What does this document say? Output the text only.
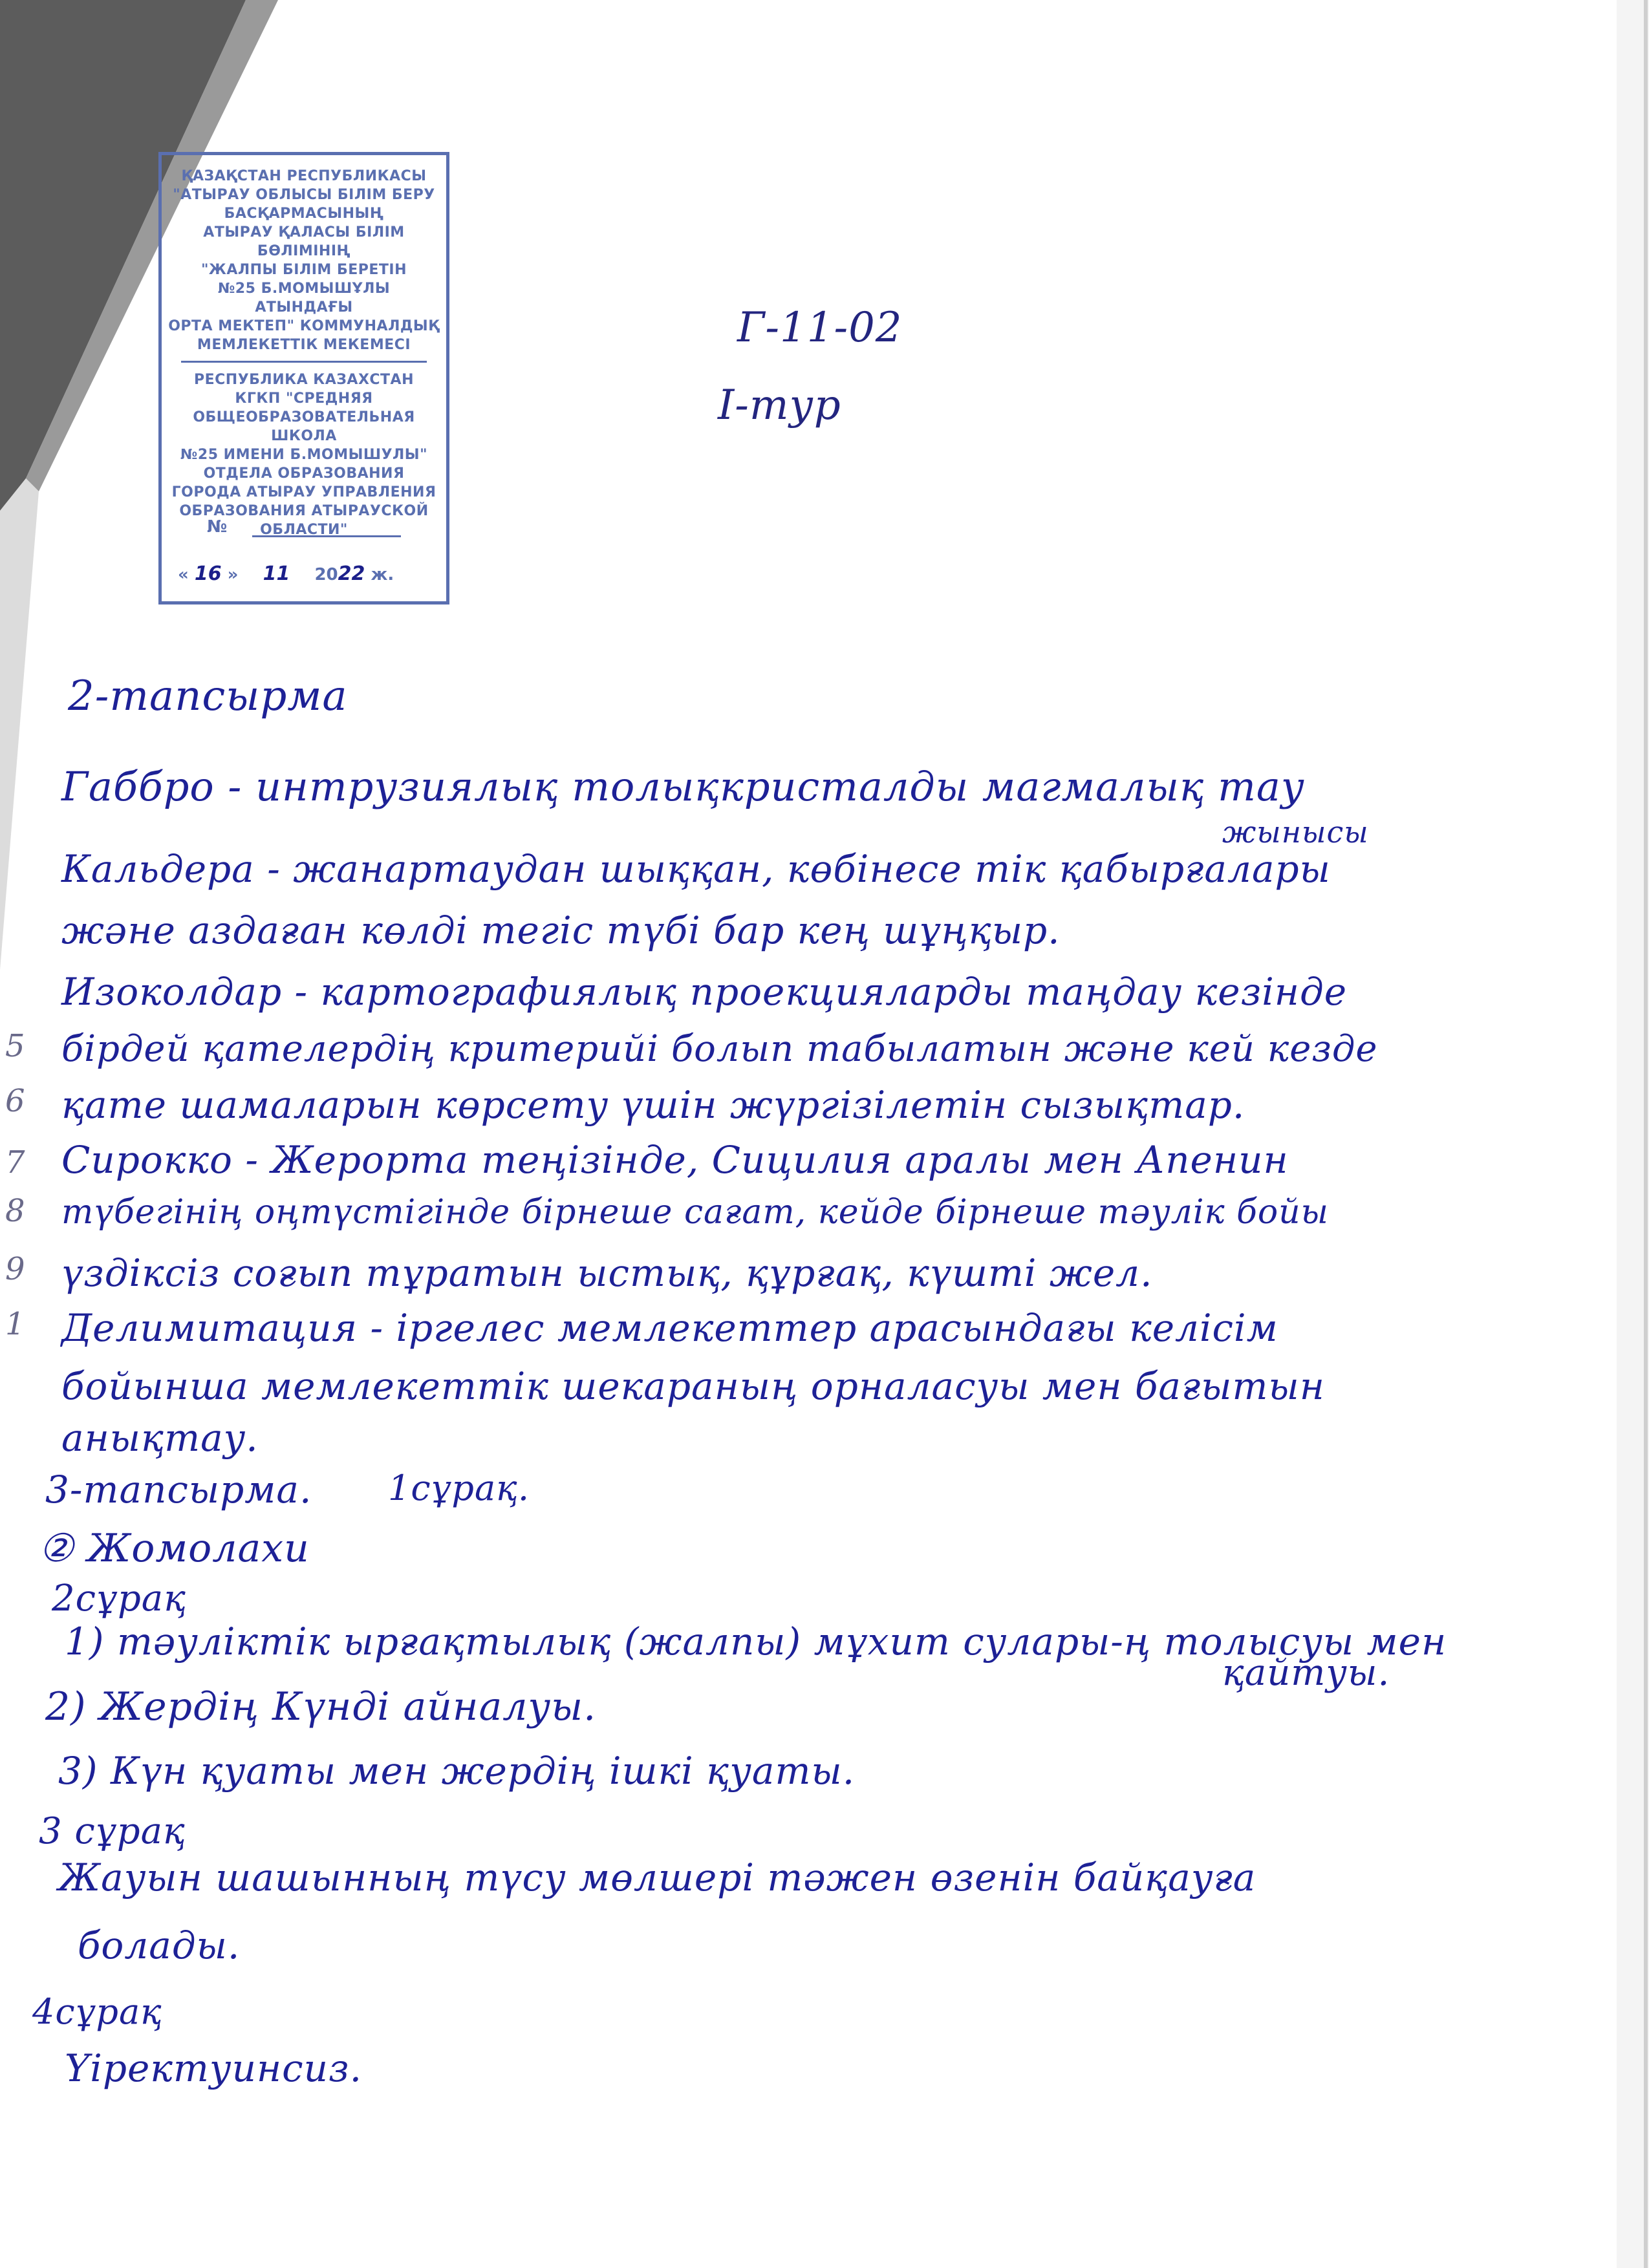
ҚАЗАҚСТАН РЕСПУБЛИКАСЫ
"АТЫРАУ ОБЛЫСЫ БІЛІМ БЕРУ
БАСҚАРМАСЫНЫҢ
АТЫРАУ ҚАЛАСЫ БІЛІМ БӨЛІМІНІҢ
"ЖАЛПЫ БІЛІМ БЕРЕТІН
№25 Б.МОМЫШҰЛЫ АТЫНДАҒЫ
ОРТА МЕКТЕП" КОММУНАЛДЫҚ
МЕМЛЕКЕТТІК МЕКЕМЕСІ
РЕСПУБЛИКА КАЗАХСТАН
КГКП "СРЕДНЯЯ
ОБЩЕОБРАЗОВАТЕЛЬНАЯ ШКОЛА
№25 ИМЕНИ Б.МОМЫШУЛЫ"
ОТДЕЛА ОБРАЗОВАНИЯ
ГОРОДА АТЫРАУ УПРАВЛЕНИЯ
ОБРАЗОВАНИЯ АТЫРАУСКОЙ
ОБЛАСТИ"
№
« 16 » 11 2022 ж.
Г-11-02
І-тур
2-тапсырма
Габбро - интрузиялық толықкристалды магмалық тау
жынысы
Кальдера - жанартаудан шыққан, көбінесе тік қабырғалары
және аздаған көлді тегіс түбі бар кең шұңқыр.
Изоколдар - картографиялық проекцияларды таңдау кезінде
бірдей қателердің критерийі болып табылатын және кей кезде
қате шамаларын көрсету үшін жүргізілетін сызықтар.
Сирокко - Жерорта теңізінде, Сицилия аралы мен Апенин
түбегінің оңтүстігінде бірнеше сағат, кейде бірнеше тәулік бойы
үздіксіз соғып тұратын ыстық, құрғақ, күшті жел.
Делимитация - іргелес мемлекеттер арасындағы келісім
бойынша мемлекеттік шекараның орналасуы мен бағытын
анықтау.
3-тапсырма. 1сұрақ.
② Жомолахи
2сұрақ
1) тәуліктік ырғақтылық (жалпы) мұхит сулары-ң толысуы мен
қайтуы.
2) Жердің Күнді айналуы.
3) Күн қуаты мен жердің ішкі қуаты.
3 сұрақ
Жауын шашынның түсу мөлшері тәжен өзенін байқауға
болады.
4сұрақ
Үіректуинсиз.
5
6
7
8
9
1
